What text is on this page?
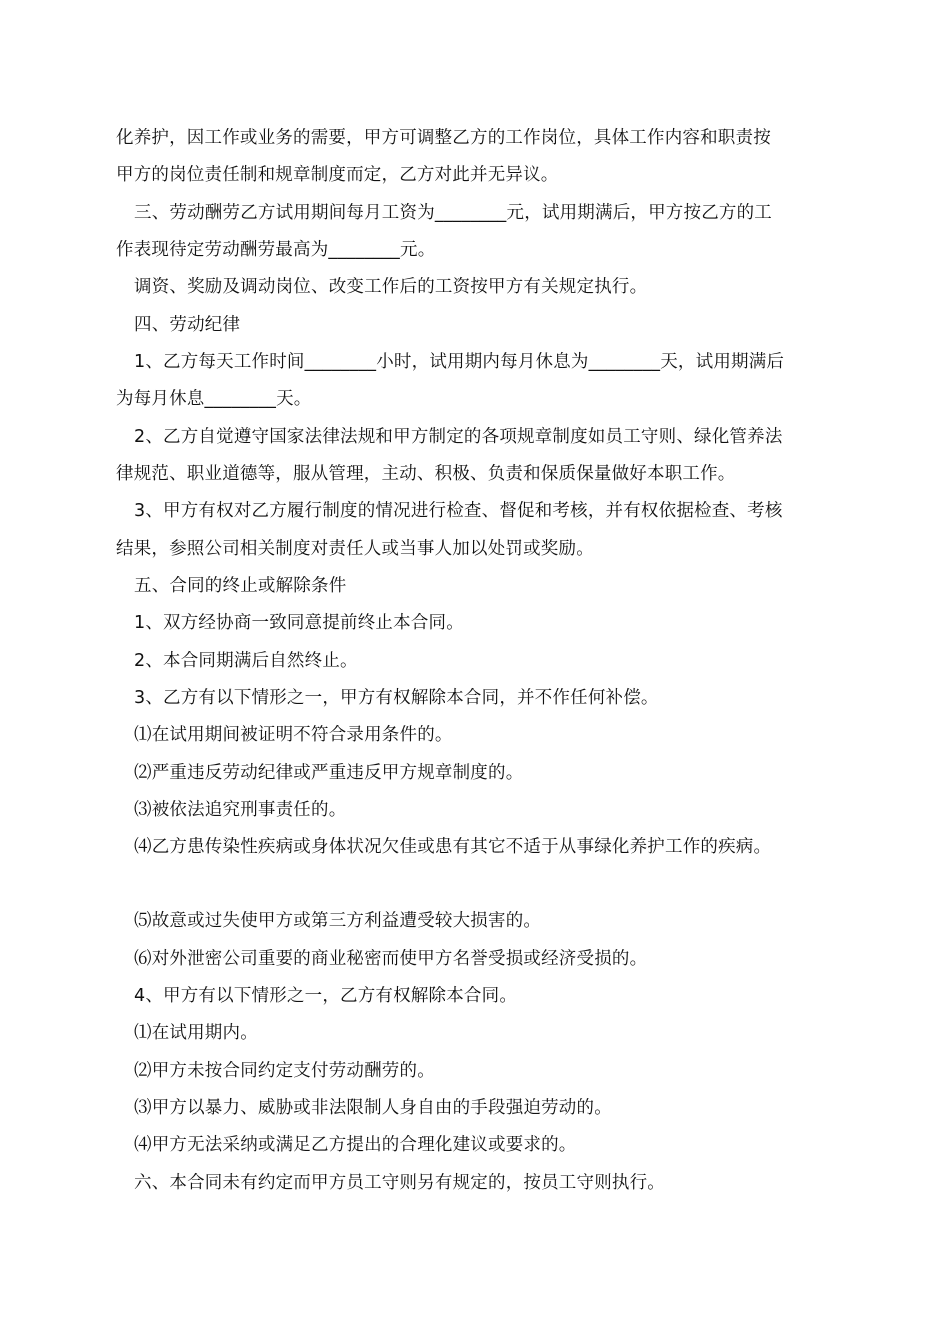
化养护，因工作或业务的需要，甲方可调整乙方的工作岗位，具体工作内容和职责按
甲方的岗位责任制和规章制度而定，乙方对此并无异议。
三、劳动酬劳乙方试用期间每月工资为________元，试用期满后，甲方按乙方的工
作表现待定劳动酬劳最高为________元。
调资、奖励及调动岗位、改变工作后的工资按甲方有关规定执行。
四、劳动纪律
1、乙方每天工作时间________小时，试用期内每月休息为________天，试用期满后
为每月休息________天。
2、乙方自觉遵守国家法律法规和甲方制定的各项规章制度如员工守则、绿化管养法
律规范、职业道德等，服从管理，主动、积极、负责和保质保量做好本职工作。
3、甲方有权对乙方履行制度的情况进行检查、督促和考核，并有权依据检查、考核
结果，参照公司相关制度对责任人或当事人加以处罚或奖励。
五、合同的终止或解除条件
1、双方经协商一致同意提前终止本合同。
2、本合同期满后自然终止。
3、乙方有以下情形之一，甲方有权解除本合同，并不作任何补偿。
⑴在试用期间被证明不符合录用条件的。
⑵严重违反劳动纪律或严重违反甲方规章制度的。
⑶被依法追究刑事责任的。
⑷乙方患传染性疾病或身体状况欠佳或患有其它不适于从事绿化养护工作的疾病。
⑸故意或过失使甲方或第三方利益遭受较大损害的。
⑹对外泄密公司重要的商业秘密而使甲方名誉受损或经济受损的。
4、甲方有以下情形之一，乙方有权解除本合同。
⑴在试用期内。
⑵甲方未按合同约定支付劳动酬劳的。
⑶甲方以暴力、威胁或非法限制人身自由的手段强迫劳动的。
⑷甲方无法采纳或满足乙方提出的合理化建议或要求的。
六、本合同未有约定而甲方员工守则另有规定的，按员工守则执行。
